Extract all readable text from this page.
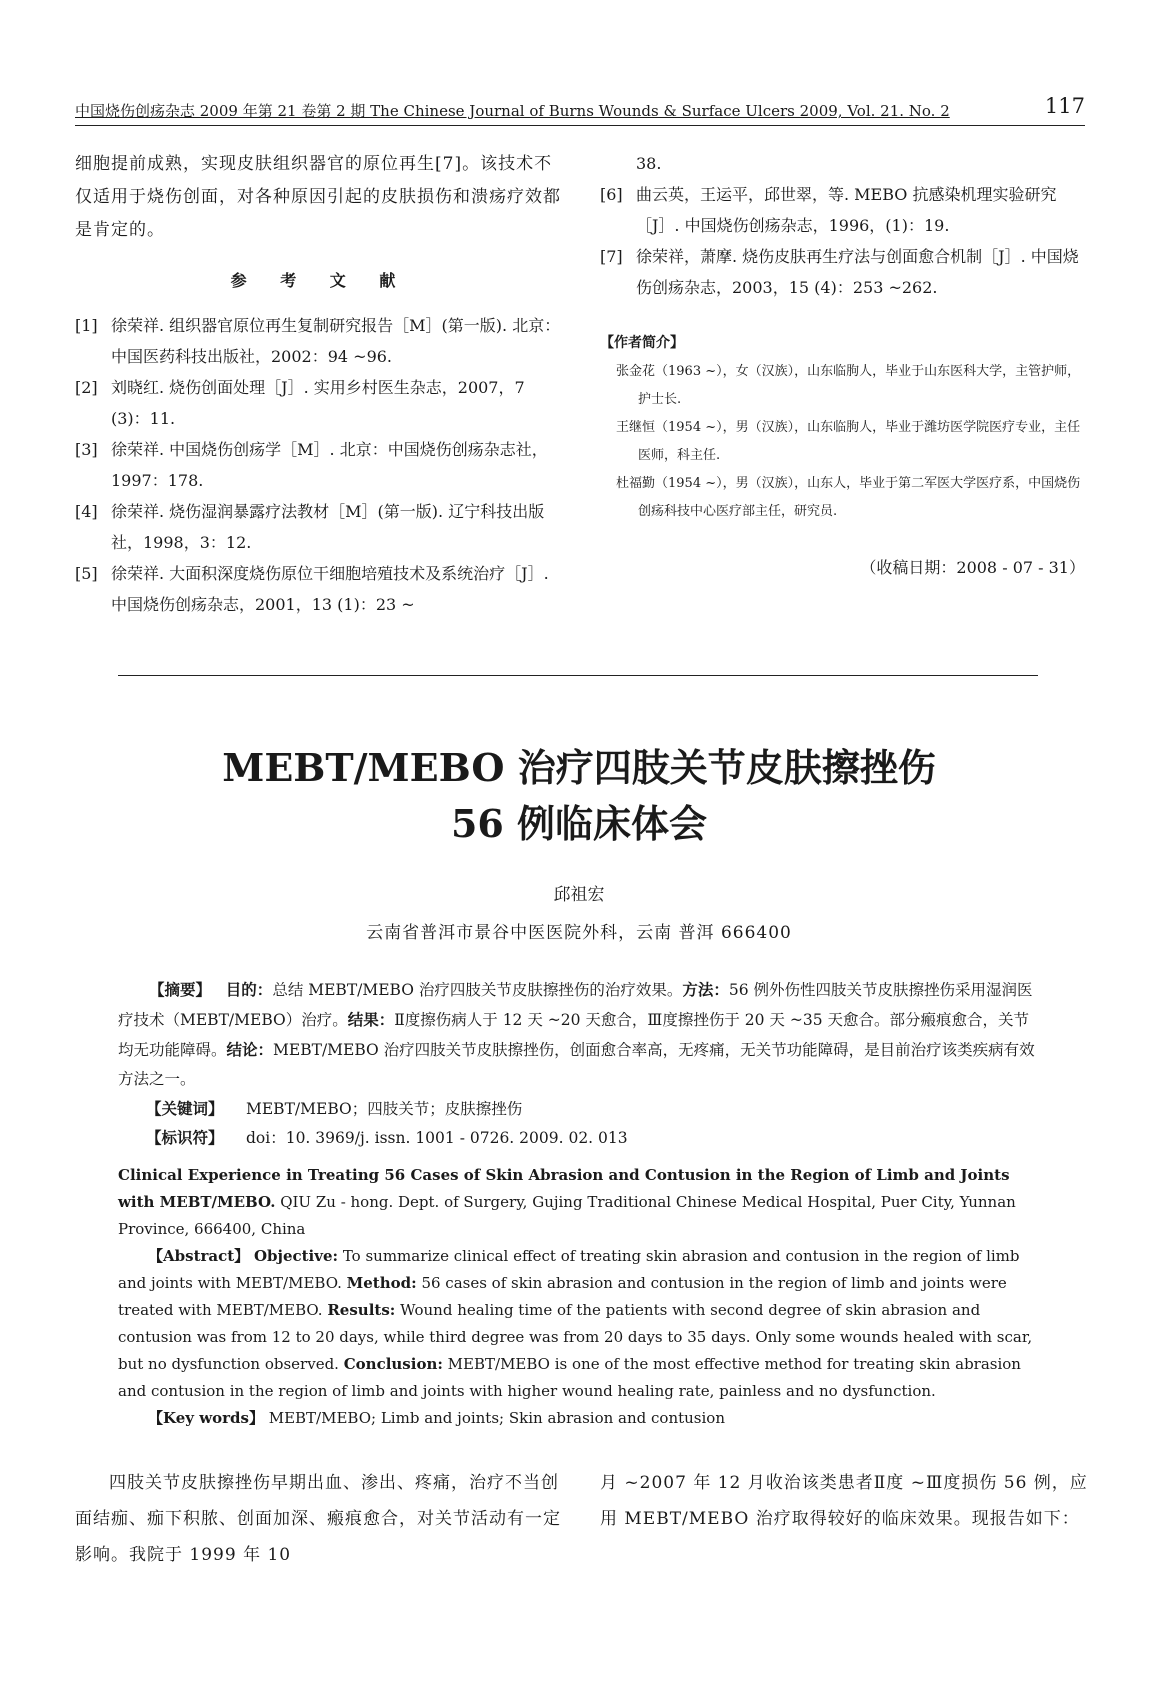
中国烧伤创疡杂志 2009 年第 21 卷第 2 期 The Chinese Journal of Burns Wounds & Surface Ulcers 2009, Vol. 21. No. 2	117
细胞提前成熟，实现皮肤组织器官的原位再生[7]。该技术不仅适用于烧伤创面，对各种原因引起的皮肤损伤和溃疡疗效都是肯定的。
参 考 文 献
[1] 徐荣祥. 组织器官原位再生复制研究报告［M］(第一版). 北京：中国医药科技出版社，2002：94 ~96.
[2] 刘晓红. 烧伤创面处理［J］. 实用乡村医生杂志，2007，7 (3)：11.
[3] 徐荣祥. 中国烧伤创疡学［M］. 北京：中国烧伤创疡杂志社，1997：178.
[4] 徐荣祥. 烧伤湿润暴露疗法教材［M］(第一版). 辽宁科技出版社，1998，3：12.
[5] 徐荣祥. 大面积深度烧伤原位干细胞培殖技术及系统治疗［J］. 中国烧伤创疡杂志，2001，13 (1)：23 ~
38.
[6] 曲云英，王运平，邱世翠，等. MEBO 抗感染机理实验研究［J］. 中国烧伤创疡杂志，1996，(1)：19.
[7] 徐荣祥，萧摩. 烧伤皮肤再生疗法与创面愈合机制［J］. 中国烧伤创疡杂志，2003，15 (4)：253 ~262.
【作者简介】

张金花（1963 ~），女（汉族），山东临朐人，毕业于山东医科大学，主管护师，护士长.

王继恒（1954 ~），男（汉族），山东临朐人，毕业于潍坊医学院医疗专业，主任医师，科主任.

杜福勤（1954 ~），男（汉族），山东人，毕业于第二军医大学医疗系，中国烧伤创疡科技中心医疗部主任，研究员.

（收稿日期：2008 - 07 - 31）
MEBT/MEBO 治疗四肢关节皮肤擦挫伤
56 例临床体会
邱祖宏
云南省普洱市景谷中医医院外科，云南 普洱 666400

【摘要】 目的：总结 MEBT/MEBO 治疗四肢关节皮肤擦挫伤的治疗效果。方法：56 例外伤性四肢关节皮肤擦挫伤采用湿润医疗技术（MEBT/MEBO）治疗。结果：Ⅱ度擦伤病人于 12 天 ~20 天愈合，Ⅲ度擦挫伤于 20 天 ~35 天愈合。部分瘢痕愈合，关节均无功能障碍。结论：MEBT/MEBO 治疗四肢关节皮肤擦挫伤，创面愈合率高，无疼痛，无关节功能障碍，是目前治疗该类疾病有效方法之一。

【关键词】 MEBT/MEBO；四肢关节；皮肤擦挫伤
【标识符】 doi：10. 3969/j. issn. 1001 - 0726. 2009. 02. 013

Clinical Experience in Treating 56 Cases of Skin Abrasion and Contusion in the Region of Limb and Joints with MEBT/MEBO. QIU Zu - hong. Dept. of Surgery, Gujing Traditional Chinese Medical Hospital, Puer City, Yunnan Province, 666400, China

【Abstract】 Objective: To summarize clinical effect of treating skin abrasion and contusion in the region of limb and joints with MEBT/MEBO. Method: 56 cases of skin abrasion and contusion in the region of limb and joints were treated with MEBT/MEBO. Results: Wound healing time of the patients with second degree of skin abrasion and contusion was from 12 to 20 days, while third degree was from 20 days to 35 days. Only some wounds healed with scar, but no dysfunction observed. Conclusion: MEBT/MEBO is one of the most effective method for treating skin abrasion and contusion in the region of limb and joints with higher wound healing rate, painless and no dysfunction.

【Key words】 MEBT/MEBO; Limb and joints; Skin abrasion and contusion

四肢关节皮肤擦挫伤早期出血、渗出、疼痛，治疗不当创面结痂、痂下积脓、创面加深、瘢痕愈合，对关节活动有一定影响。我院于 1999 年 10
月 ~2007 年 12 月收治该类患者Ⅱ度 ~Ⅲ度损伤 56 例，应用 MEBT/MEBO 治疗取得较好的临床效果。现报告如下：
